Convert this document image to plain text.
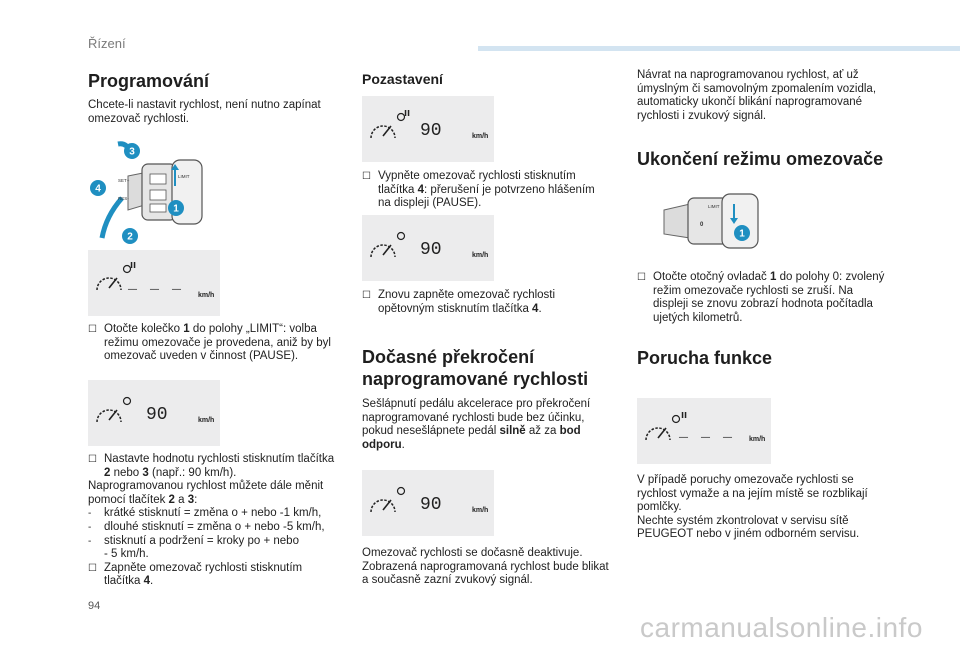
Řízení
Programování
Chcete-li nastavit rychlost, není nutno zapínat omezovač rychlosti.
LIMIT
SET+
RES-
3
4
1
2
ıı
_ _ _
km/h
☐ Otočte kolečko 1 do polohy „LIMIT“: volba režimu omezovače je provedena, aniž by byl omezovač uveden v činnost (PAUSE).
90	km/h
☐ Nastavte hodnotu rychlosti stisknutím tlačítka 2 nebo 3 (např.: 90 km/h).

Naprogramovanou rychlost můžete dále měnit pomocí tlačítek 2 a 3:

-	krátké stisknutí = změna o + nebo -1 km/h,
-	dlouhé stisknutí = změna o + nebo -5 km/h,
-	stisknutí a podržení = kroky po + nebo
- 5 km/h.
☐ Zapněte omezovač rychlosti stisknutím tlačítka 4.
Pozastavení
ıı
90	km/h
☐ Vypněte omezovač rychlosti stisknutím tlačítka 4: přerušení je potvrzeno hlášením na displeji (PAUSE).
90	km/h
☐ Znovu zapněte omezovač rychlosti opětovným stisknutím tlačítka 4.
Dočasné překročení
naprogramované rychlosti

Sešlápnutí pedálu akcelerace pro překročení naprogramované rychlosti bude bez účinku, pokud nesešlápnete pedál silně až za bod odporu.

90	km/h
Omezovač rychlosti se dočasně deaktivuje. Zobrazená naprogramovaná rychlost bude blikat a současně zazní zvukový signál.
Návrat na naprogramovanou rychlost, ať už úmyslným či samovolným zpomalením vozidla, automaticky ukončí blikání naprogramované rychlosti i zvukový signál.
Ukončení režimu omezovače
LIMIT
0
1
☐ Otočte otočný ovladač 1 do polohy 0: zvolený režim omezovače rychlosti se zruší. Na displeji se znovu zobrazí hodnota počítadla ujetých kilometrů.
Porucha funkce
ıı
_ _ _ km/h

V případě poruchy omezovače rychlosti se rychlost vymaže a na jejím místě se rozblikají pomlčky.

Nechte systém zkontrolovat v servisu sítě PEUGEOT nebo v jiném odborném servisu.

94
carmanualsonline.info
